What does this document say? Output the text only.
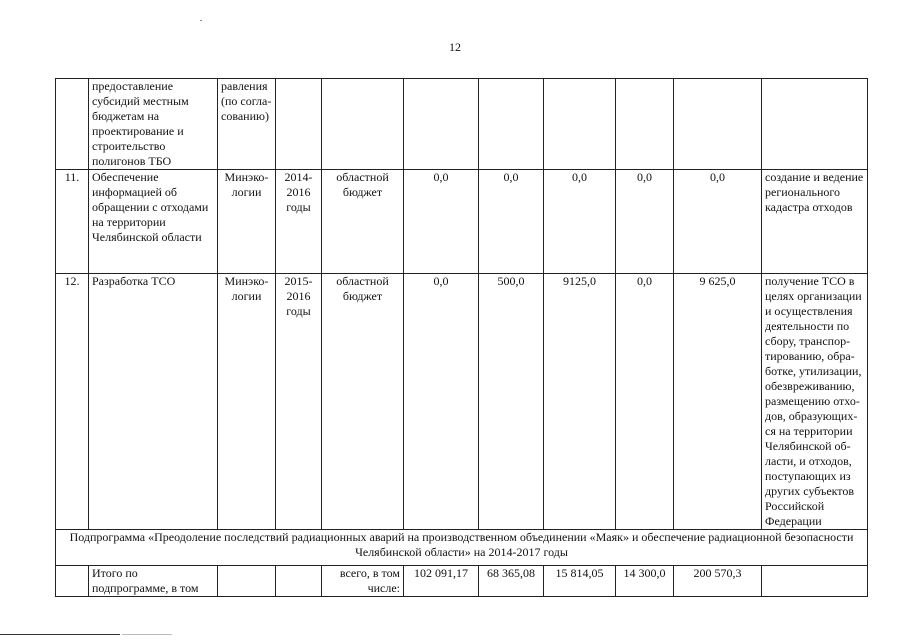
12
	предоставление субсидий местным бюджетам на проектирование и строительство полигонов ТБО	равления (по согла-сованию)								
11.	Обеспечение информацией об обращении с отходами на территории Челябинской области	Минэко-логии	2014-2016 годы	областной бюджет	0,0	0,0	0,0	0,0	0,0	создание и ведение регионального кадастра отходов
12.	Разработка ТСО	Минэко-логии	2015-2016 годы	областной бюджет	0,0	500,0	9125,0	0,0	9 625,0	получение ТСО в целях организации и осуществления деятельности по сбору, транспор-тированию, обра-ботке, утилизации, обезвреживанию, размещению отхо-дов, образующих-ся на территории Челябинской об-ласти, и отходов, поступающих из других субъектов Российской Федерации
Подпрограмма «Преодоление последствий радиационных аварий на производственном объединении «Маяк» и обеспечение радиационной безопасности Челябинской области» на 2014-2017 годы										
	Итого по подпрограмме, в том			всего, в том числе:	102 091,17	68 365,08	15 814,05	14 300,0	200 570,3	
